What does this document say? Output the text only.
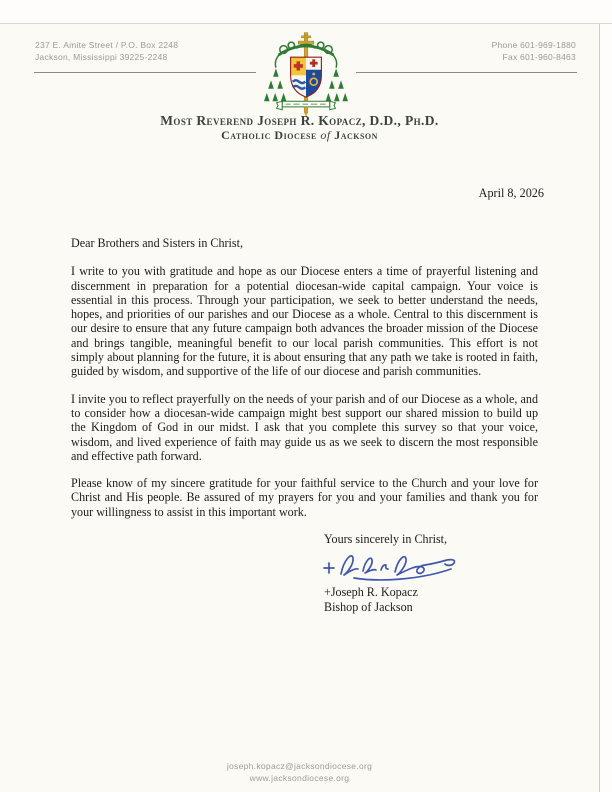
237 E. Amite Street / P.O. Box 2248
Jackson, Mississippi 39225-2248
Phone 601-969-1880
Fax 601-960-8463
Most Reverend Joseph R. Kopacz, D.D., Ph.D.
Catholic Diocese of Jackson
April 8, 2026

Dear Brothers and Sisters in Christ,

I write to you with gratitude and hope as our Diocese enters a time of prayerful listening and discernment in preparation for a potential diocesan-wide capital campaign. Your voice is essential in this process. Through your participation, we seek to better understand the needs, hopes, and priorities of our parishes and our Diocese as a whole. Central to this discernment is our desire to ensure that any future campaign both advances the broader mission of the Diocese and brings tangible, meaningful benefit to our local parish communities. This effort is not simply about planning for the future, it is about ensuring that any path we take is rooted in faith, guided by wisdom, and supportive of the life of our diocese and parish communities.

I invite you to reflect prayerfully on the needs of your parish and of our Diocese as a whole, and to consider how a diocesan-wide campaign might best support our shared mission to build up the Kingdom of God in our midst. I ask that you complete this survey so that your voice, wisdom, and lived experience of faith may guide us as we seek to discern the most responsible and effective path forward.

Please know of my sincere gratitude for your faithful service to the Church and your love for Christ and His people. Be assured of my prayers for you and your families and thank you for your willingness to assist in this important work.

Yours sincerely in Christ,
+Joseph R. Kopacz
Bishop of Jackson
joseph.kopacz@jacksondiocese.org
www.jacksondiocese.org
